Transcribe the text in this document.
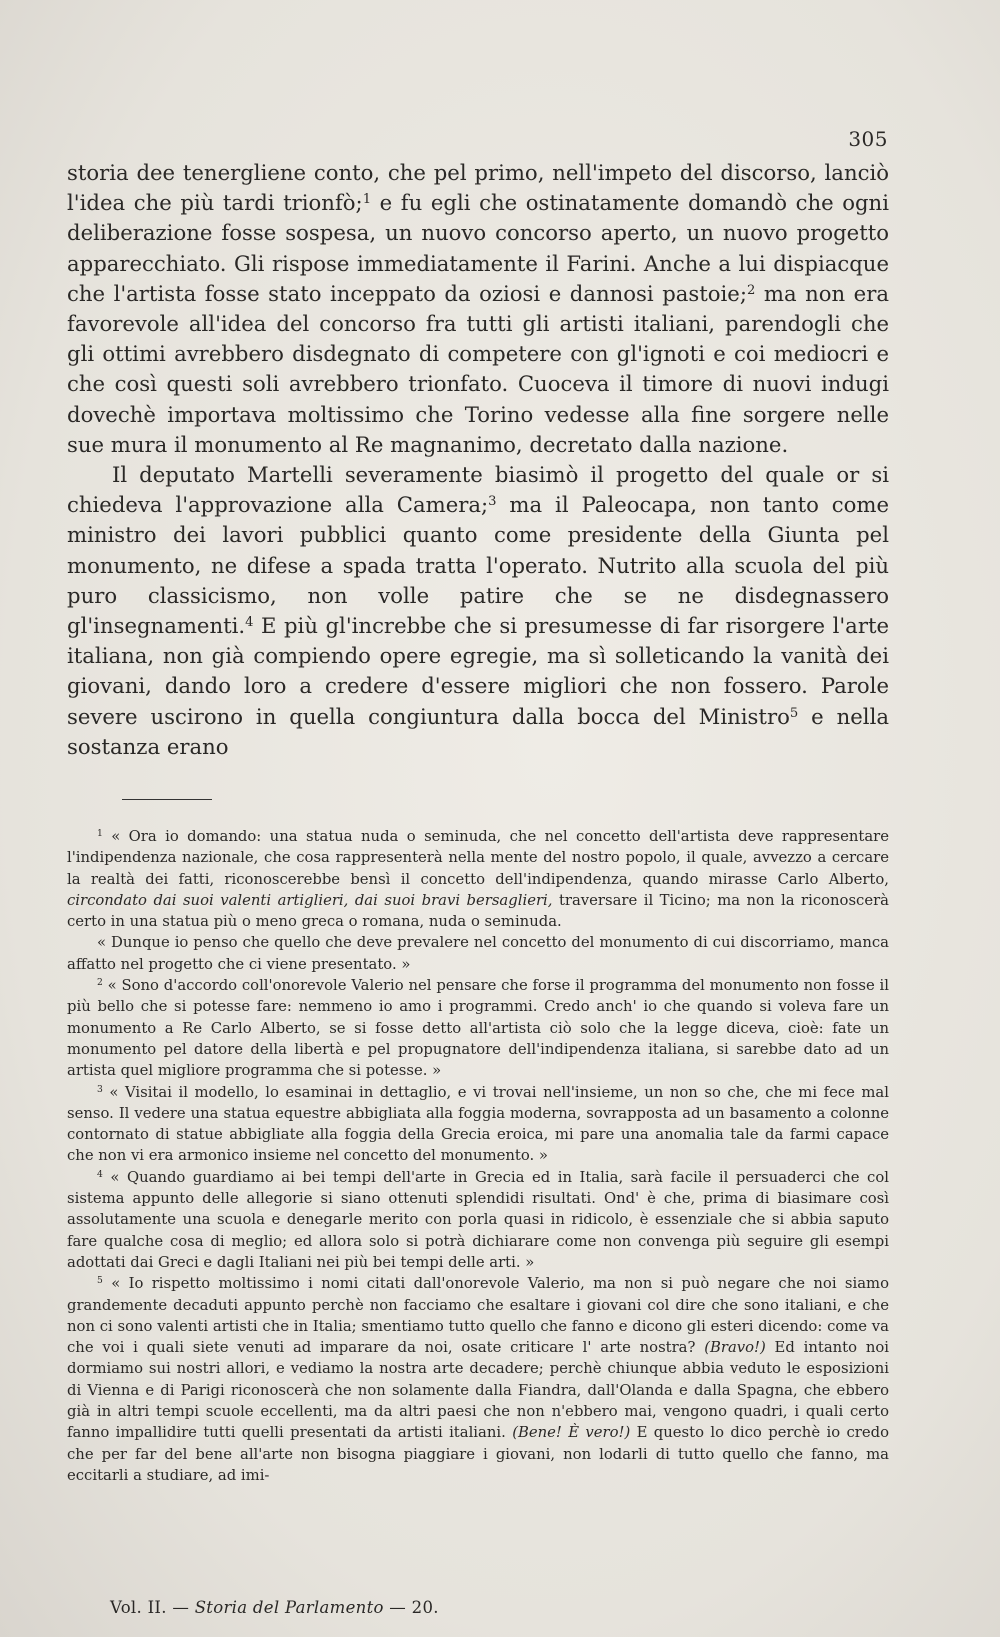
305

storia dee tenergliene conto, che pel primo, nell'impeto del discorso, lanciò l'idea che più tardi trionfò;$^1$ e fu egli che ostinatamente domandò che ogni deliberazione fosse sospesa, un nuovo concorso aperto, un nuovo progetto apparecchiato. Gli rispose immediatamente il Farini. Anche a lui dispiacque che l'artista fosse stato inceppato da oziosi e dannosi pastoie;$^2$ ma non era favorevole all'idea del concorso fra tutti gli artisti italiani, parendogli che gli ottimi avrebbero disdegnato di competere con gl'ignoti e coi mediocri e che così questi soli avrebbero trionfato. Cuoceva il timore di nuovi indugi dovechè importava moltissimo che Torino vedesse alla fine sorgere nelle sue mura il monumento al Re magnanimo, decretato dalla nazione.

Il deputato Martelli severamente biasimò il progetto del quale or si chiedeva l'approvazione alla Camera;$^3$ ma il Paleocapa, non tanto come ministro dei lavori pubblici quanto come presidente della Giunta pel monumento, ne difese a spada tratta l'operato. Nutrito alla scuola del più puro classicismo, non volle patire che se ne disdegnassero gl'insegnamenti.$^4$ E più gl'increbbe che si presumesse di far risorgere l'arte italiana, non già compiendo opere egregie, ma sì solleticando la vanità dei giovani, dando loro a credere d'essere migliori che non fossero. Parole severe uscirono in quella congiuntura dalla bocca del Ministro$^5$ e nella sostanza erano

$^1$ « Ora io domando: una statua nuda o seminuda, che nel concetto dell'artista deve rappresentare l'indipendenza nazionale, che cosa rappresenterà nella mente del nostro popolo, il quale, avvezzo a cercare la realtà dei fatti, riconoscerebbe bensì il concetto dell'indipendenza, quando mirasse Carlo Alberto, circondato dai suoi valenti artiglieri, dai suoi bravi bersaglieri, traversare il Ticino; ma non la riconoscerà certo in una statua più o meno greca o romana, nuda o seminuda.

« Dunque io penso che quello che deve prevalere nel concetto del monumento di cui discorriamo, manca affatto nel progetto che ci viene presentato. »

$^2$ « Sono d'accordo coll'onorevole Valerio nel pensare che forse il programma del monumento non fosse il più bello che si potesse fare: nemmeno io amo i programmi. Credo anch' io che quando si voleva fare un monumento a Re Carlo Alberto, se si fosse detto all'artista ciò solo che la legge diceva, cioè: fate un monumento pel datore della libertà e pel propugnatore dell'indipendenza italiana, si sarebbe dato ad un artista quel migliore programma che si potesse. »

$^3$ « Visitai il modello, lo esaminai in dettaglio, e vi trovai nell'insieme, un non so che, che mi fece mal senso. Il vedere una statua equestre abbigliata alla foggia moderna, sovrapposta ad un basamento a colonne contornato di statue abbigliate alla foggia della Grecia eroica, mi pare una anomalia tale da farmi capace che non vi era armonico insieme nel concetto del monumento. »

$^4$ « Quando guardiamo ai bei tempi dell'arte in Grecia ed in Italia, sarà facile il persuaderci che col sistema appunto delle allegorie si siano ottenuti splendidi risultati. Ond' è che, prima di biasimare così assolutamente una scuola e denegarle merito con porla quasi in ridicolo, è essenziale che si abbia saputo fare qualche cosa di meglio; ed allora solo si potrà dichiarare come non convenga più seguire gli esempi adottati dai Greci e dagli Italiani nei più bei tempi delle arti. »

$^5$ « Io rispetto moltissimo i nomi citati dall'onorevole Valerio, ma non si può negare che noi siamo grandemente decaduti appunto perchè non facciamo che esaltare i giovani col dire che sono italiani, e che non ci sono valenti artisti che in Italia; smentiamo tutto quello che fanno e dicono gli esteri dicendo: come va che voi i quali siete venuti ad imparare da noi, osate criticare l' arte nostra? (Bravo!) Ed intanto noi dormiamo sui nostri allori, e vediamo la nostra arte decadere; perchè chiunque abbia veduto le esposizioni di Vienna e di Parigi riconoscerà che non solamente dalla Fiandra, dall'Olanda e dalla Spagna, che ebbero già in altri tempi scuole eccellenti, ma da altri paesi che non n'ebbero mai, vengono quadri, i quali certo fanno impallidire tutti quelli presentati da artisti italiani. (Bene! È vero!) E questo lo dico perchè io credo che per far del bene all'arte non bisogna piaggiare i giovani, non lodarli di tutto quello che fanno, ma eccitarli a studiare, ad imi-

Vol. II. — Storia del Parlamento — 20.
